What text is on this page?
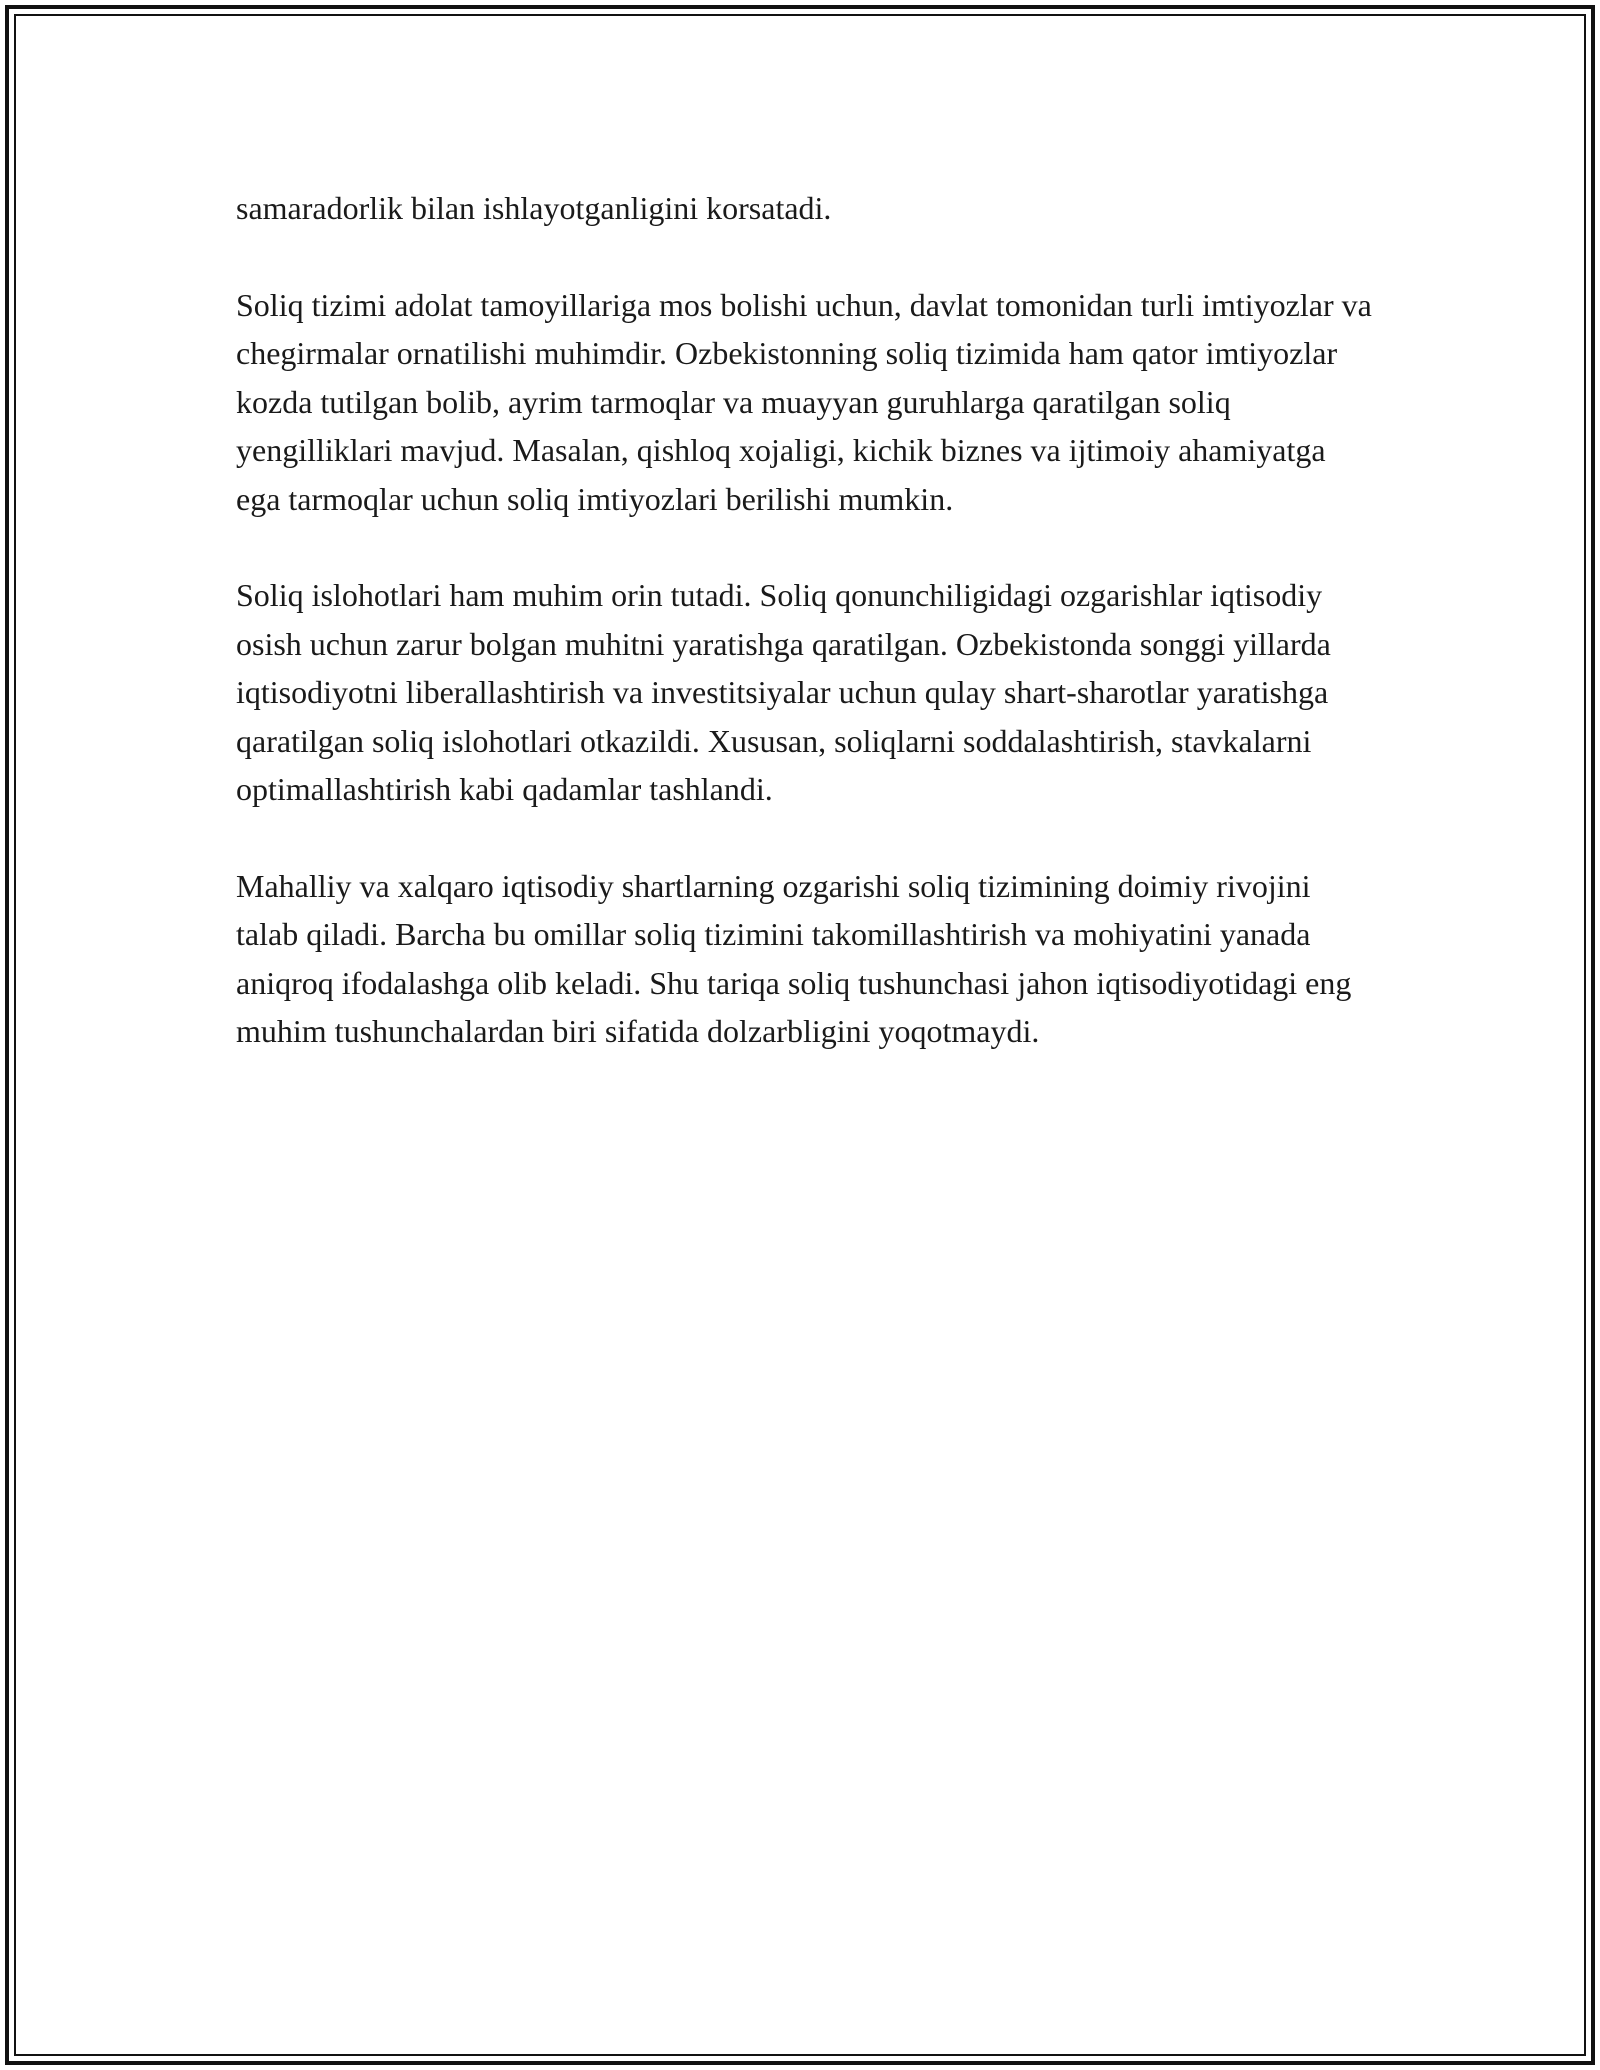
samaradorlik bilan ishlayotganligini korsatadi.

Soliq tizimi adolat tamoyillariga mos bolishi uchun, davlat tomonidan turli imtiyozlar va chegirmalar ornatilishi muhimdir. Ozbekistonning soliq tizimida ham qator imtiyozlar kozda tutilgan bolib, ayrim tarmoqlar va muayyan guruhlarga qaratilgan soliq yengilliklari mavjud. Masalan, qishloq xojaligi, kichik biznes va ijtimoiy ahamiyatga ega tarmoqlar uchun soliq imtiyozlari berilishi mumkin.

Soliq islohotlari ham muhim orin tutadi. Soliq qonunchiligidagi ozgarishlar iqtisodiy osish uchun zarur bolgan muhitni yaratishga qaratilgan. Ozbekistonda songgi yillarda iqtisodiyotni liberallashtirish va investitsiyalar uchun qulay shart-sharotlar yaratishga qaratilgan soliq islohotlari otkazildi. Xususan, soliqlarni soddalashtirish, stavkalarni optimallashtirish kabi qadamlar tashlandi.

Mahalliy va xalqaro iqtisodiy shartlarning ozgarishi soliq tizimining doimiy rivojini talab qiladi. Barcha bu omillar soliq tizimini takomillashtirish va mohiyatini yanada aniqroq ifodalashga olib keladi. Shu tariqa soliq tushunchasi jahon iqtisodiyotidagi eng muhim tushunchalardan biri sifatida dolzarbligini yoqotmaydi.
